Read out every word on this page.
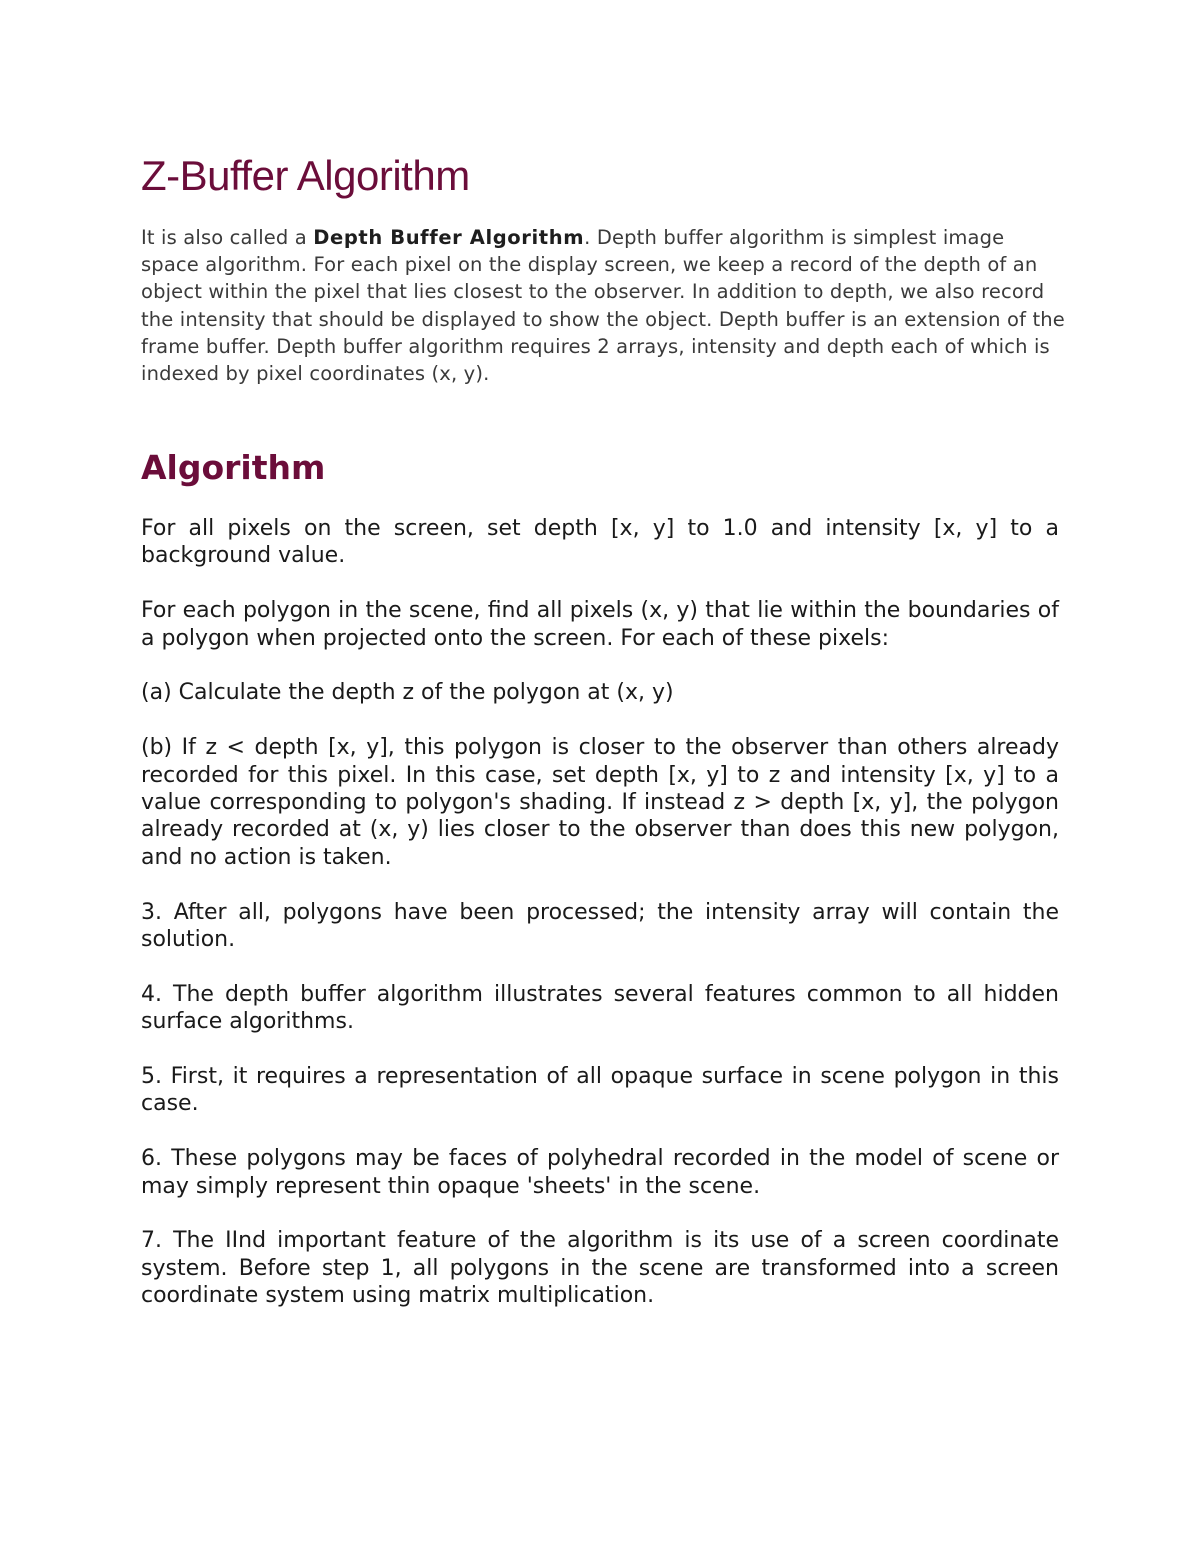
Z-Buffer Algorithm

It is also called a Depth Buffer Algorithm. Depth buffer algorithm is simplest image space algorithm. For each pixel on the display screen, we keep a record of the depth of an object within the pixel that lies closest to the observer. In addition to depth, we also record the intensity that should be displayed to show the object. Depth buffer is an extension of the frame buffer. Depth buffer algorithm requires 2 arrays, intensity and depth each of which is indexed by pixel coordinates (x, y).

Algorithm

For all pixels on the screen, set depth [x, y] to 1.0 and intensity [x, y] to a background value.

For each polygon in the scene, find all pixels (x, y) that lie within the boundaries of a polygon when projected onto the screen. For each of these pixels:

(a) Calculate the depth z of the polygon at (x, y)

(b) If z < depth [x, y], this polygon is closer to the observer than others already recorded for this pixel. In this case, set depth [x, y] to z and intensity [x, y] to a value corresponding to polygon's shading. If instead z > depth [x, y], the polygon already recorded at (x, y) lies closer to the observer than does this new polygon, and no action is taken.

3. After all, polygons have been processed; the intensity array will contain the solution.

4. The depth buffer algorithm illustrates several features common to all hidden surface algorithms.

5. First, it requires a representation of all opaque surface in scene polygon in this case.

6. These polygons may be faces of polyhedral recorded in the model of scene or may simply represent thin opaque 'sheets' in the scene.

7. The IInd important feature of the algorithm is its use of a screen coordinate system. Before step 1, all polygons in the scene are transformed into a screen coordinate system using matrix multiplication.
